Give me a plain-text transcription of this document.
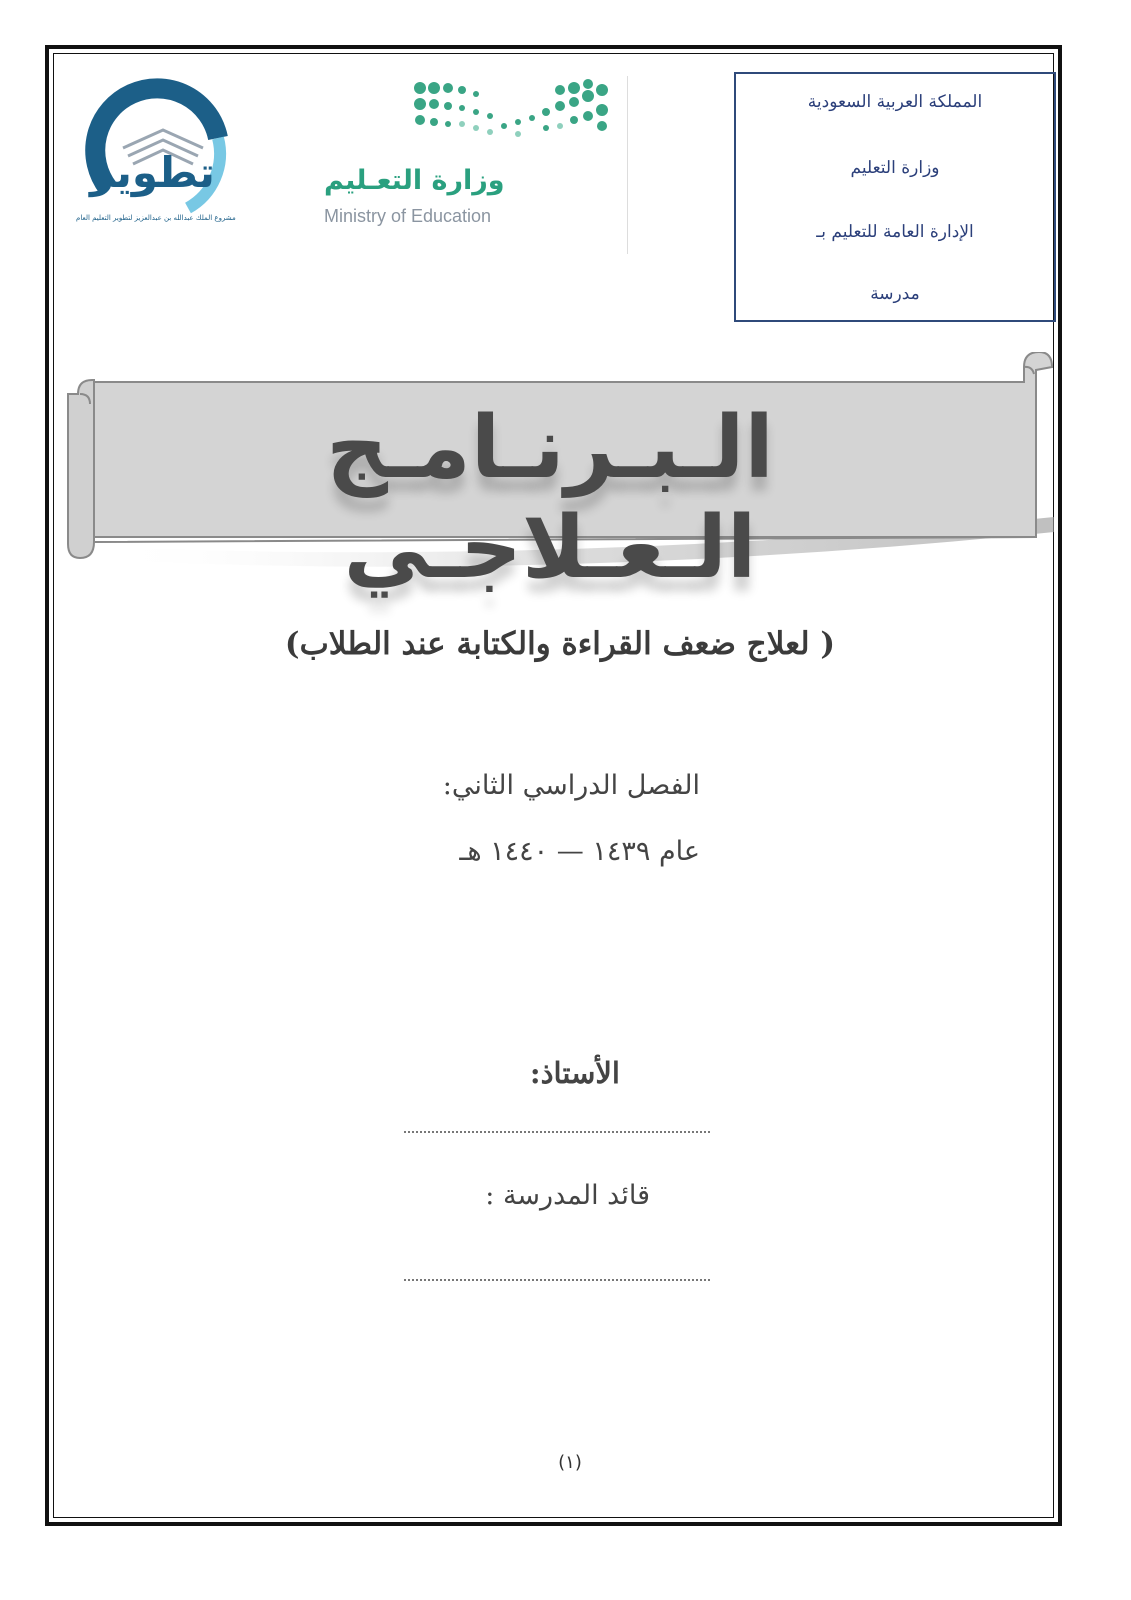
تطوير
مشروع الملك عبدالله بن عبدالعزيز لتطوير التعليم العام
وزارة التعـليم
Ministry of Education
المملكة العربية السعودية
وزارة التعليم
الإدارة العامة للتعليم بـ
مدرسة
الـبـرنـامـج الـعـلاجـي
( لعلاج ضعف القراءة والكتابة عند الطلاب)
الفصل الدراسي الثاني:
عام ١٤٣٩ — ١٤٤٠ هـ
الأستاذ:
قائد المدرسة :
(١)
